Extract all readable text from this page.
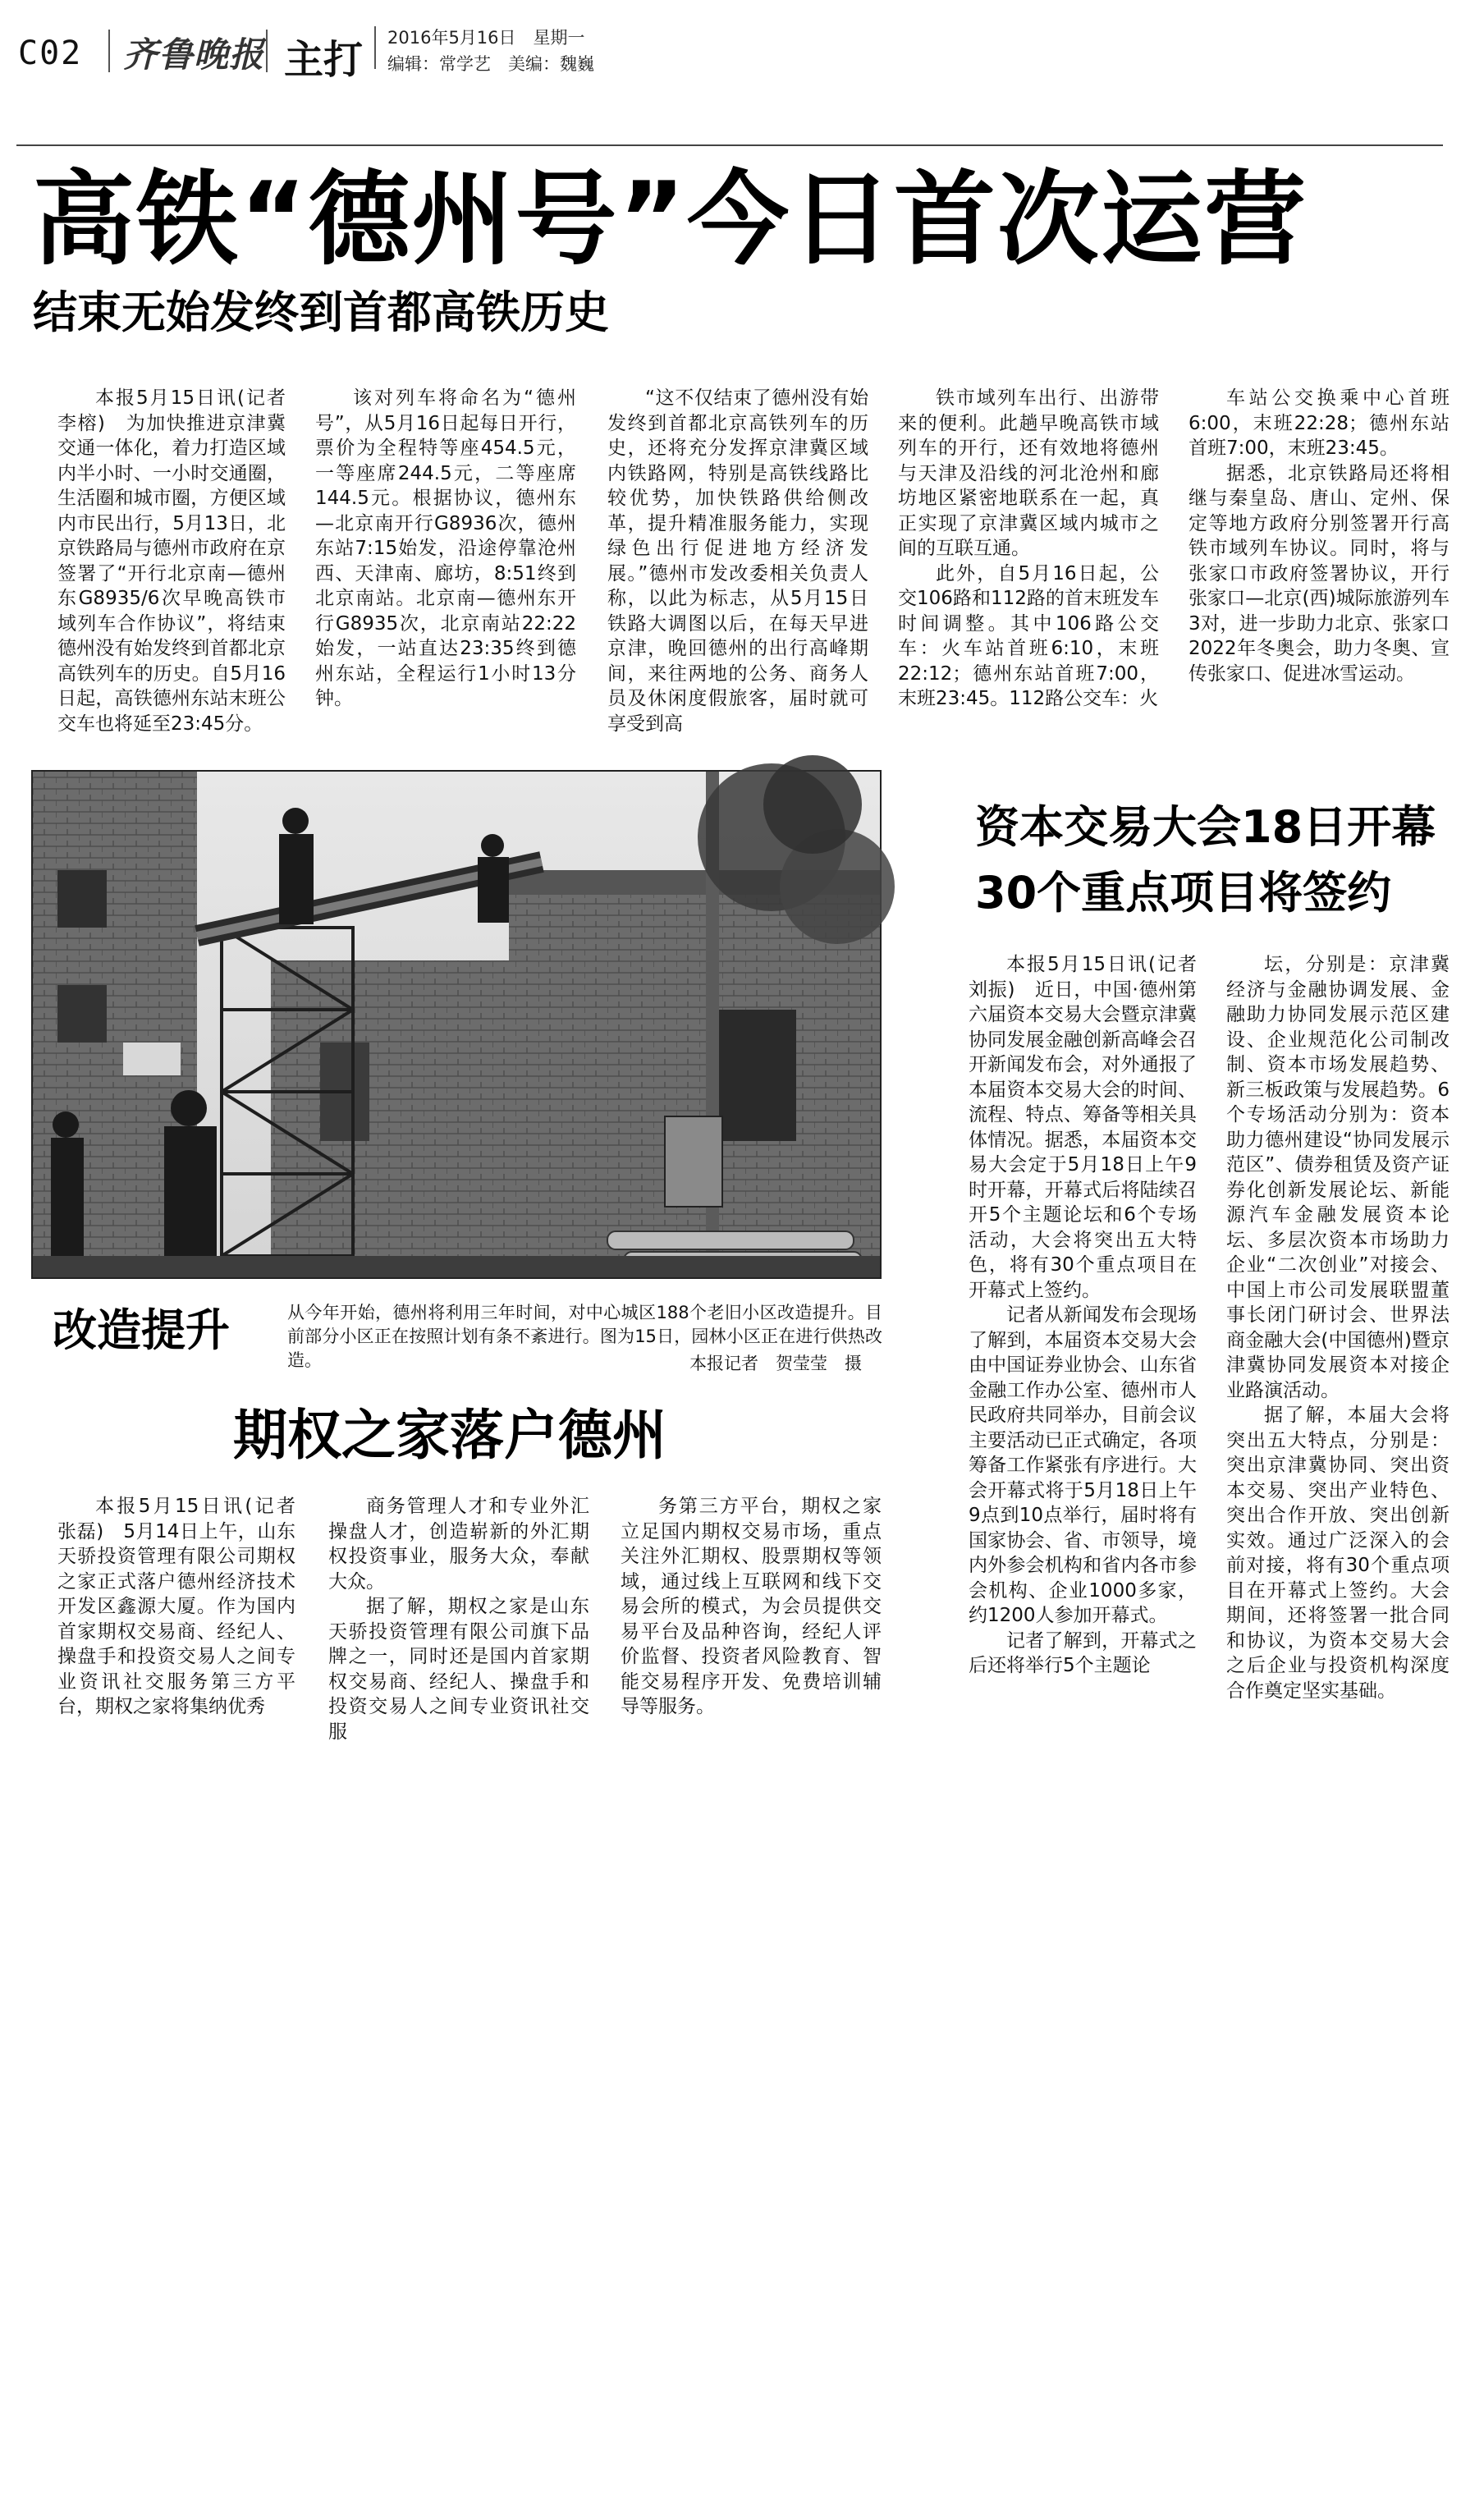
C02 齐鲁晚报 主打 2016年5月16日　 星期一
编辑：常学艺　美编：魏巍
高铁“德州号”今日首次运营
结束无始发终到首都高铁历史

本报5月15日讯(记者　李榕)　为加快推进京津冀交通一体化，着力打造区域内半小时、一小时交通圈，生活圈和城市圈，方便区域内市民出行，5月13日，北京铁路局与德州市政府在京签署了“开行北京南—德州东G8935/6次早晚高铁市域列车合作协议”，将结束德州没有始发终到首都北京高铁列车的历史。自5月16日起，高铁德州东站末班公交车也将延至23:45分。

该对列车将命名为“德州号”，从5月16日起每日开行，票价为全程特等座454.5元，一等座席244.5元，二等座席144.5元。根据协议，德州东—北京南开行G8936次，德州东站7:15始发，沿途停靠沧州西、天津南、廊坊，8:51终到北京南站。北京南—德州东开行G8935次，北京南站22:22始发，一站直达23:35终到德州东站，全程运行1小时13分钟。

“这不仅结束了德州没有始发终到首都北京高铁列车的历史，还将充分发挥京津冀区域内铁路网，特别是高铁线路比较优势，加快铁路供给侧改革，提升精准服务能力，实现绿色出行促进地方经济发展。”德州市发改委相关负责人称，以此为标志，从5月15日铁路大调图以后，在每天早进京津，晚回德州的出行高峰期间，来往两地的公务、商务人员及休闲度假旅客，届时就可享受到高

铁市域列车出行、出游带来的便利。此趟早晚高铁市域列车的开行，还有效地将德州与天津及沿线的河北沧州和廊坊地区紧密地联系在一起，真正实现了京津冀区域内城市之间的互联互通。

此外，自5月16日起，公交106路和112路的首末班发车时间调整。其中106路公交车：火车站首班6:10，末班22:12；德州东站首班7:00，末班23:45。112路公交车：火

车站公交换乘中心首班6:00，末班22:28；德州东站首班7:00，末班23:45。

据悉，北京铁路局还将相继与秦皇岛、唐山、定州、保定等地方政府分别签署开行高铁市域列车协议。同时，将与张家口市政府签署协议，开行张家口—北京(西)城际旅游列车3对，进一步助力北京、张家口2022年冬奥会，助力冬奥、宣传张家口、促进冰雪运动。

改造提升	从今年开始，德州将利用三年时间，对中心城区188个老旧小区改造提升。目前部分小区正在按照计划有条不紊进行。图为15日，园林小区正在进行供热改造。	本报记者　贺莹莹　摄
期权之家落户德州

本报5月15日讯(记者　张磊)　5月14日上午，山东天骄投资管理有限公司期权之家正式落户德州经济技术开发区鑫源大厦。作为国内首家期权交易商、经纪人、操盘手和投资交易人之间专业资讯社交服务第三方平台，期权之家将集纳优秀

商务管理人才和专业外汇操盘人才，创造崭新的外汇期权投资事业，服务大众，奉献大众。

据了解，期权之家是山东天骄投资管理有限公司旗下品牌之一，同时还是国内首家期权交易商、经纪人、操盘手和投资交易人之间专业资讯社交服

务第三方平台，期权之家立足国内期权交易市场，重点关注外汇期权、股票期权等领域，通过线上互联网和线下交易会所的模式，为会员提供交易平台及品种咨询，经纪人评价监督、投资者风险教育、智能交易程序开发、免费培训辅导等服务。

资本交易大会18日开幕
30个重点项目将签约

本报5月15日讯(记者　刘振)　近日，中国·德州第六届资本交易大会暨京津冀协同发展金融创新高峰会召开新闻发布会，对外通报了本届资本交易大会的时间、流程、特点、筹备等相关具体情况。据悉，本届资本交易大会定于5月18日上午9时开幕，开幕式后将陆续召开5个主题论坛和6个专场活动，大会将突出五大特色，将有30个重点项目在开幕式上签约。

记者从新闻发布会现场了解到，本届资本交易大会由中国证券业协会、山东省金融工作办公室、德州市人民政府共同举办，目前会议主要活动已正式确定，各项筹备工作紧张有序进行。大会开幕式将于5月18日上午9点到10点举行，届时将有国家协会、省、市领导，境内外参会机构和省内各市参会机构、企业1000多家，约1200人参加开幕式。

记者了解到，开幕式之后还将举行5个主题论

坛，分别是：京津冀经济与金融协调发展、金融助力协同发展示范区建设、企业规范化公司制改制、资本市场发展趋势、新三板政策与发展趋势。6个专场活动分别为：资本助力德州建设“协同发展示范区”、债券租赁及资产证券化创新发展论坛、新能源汽车金融发展资本论坛、多层次资本市场助力企业“二次创业”对接会、中国上市公司发展联盟董事长闭门研讨会、世界法商金融大会(中国德州)暨京津冀协同发展资本对接企业路演活动。

据了解，本届大会将突出五大特点，分别是：突出京津冀协同、突出资本交易、突出产业特色、突出合作开放、突出创新实效。通过广泛深入的会前对接，将有30个重点项目在开幕式上签约。大会期间，还将签署一批合同和协议，为资本交易大会之后企业与投资机构深度合作奠定坚实基础。
